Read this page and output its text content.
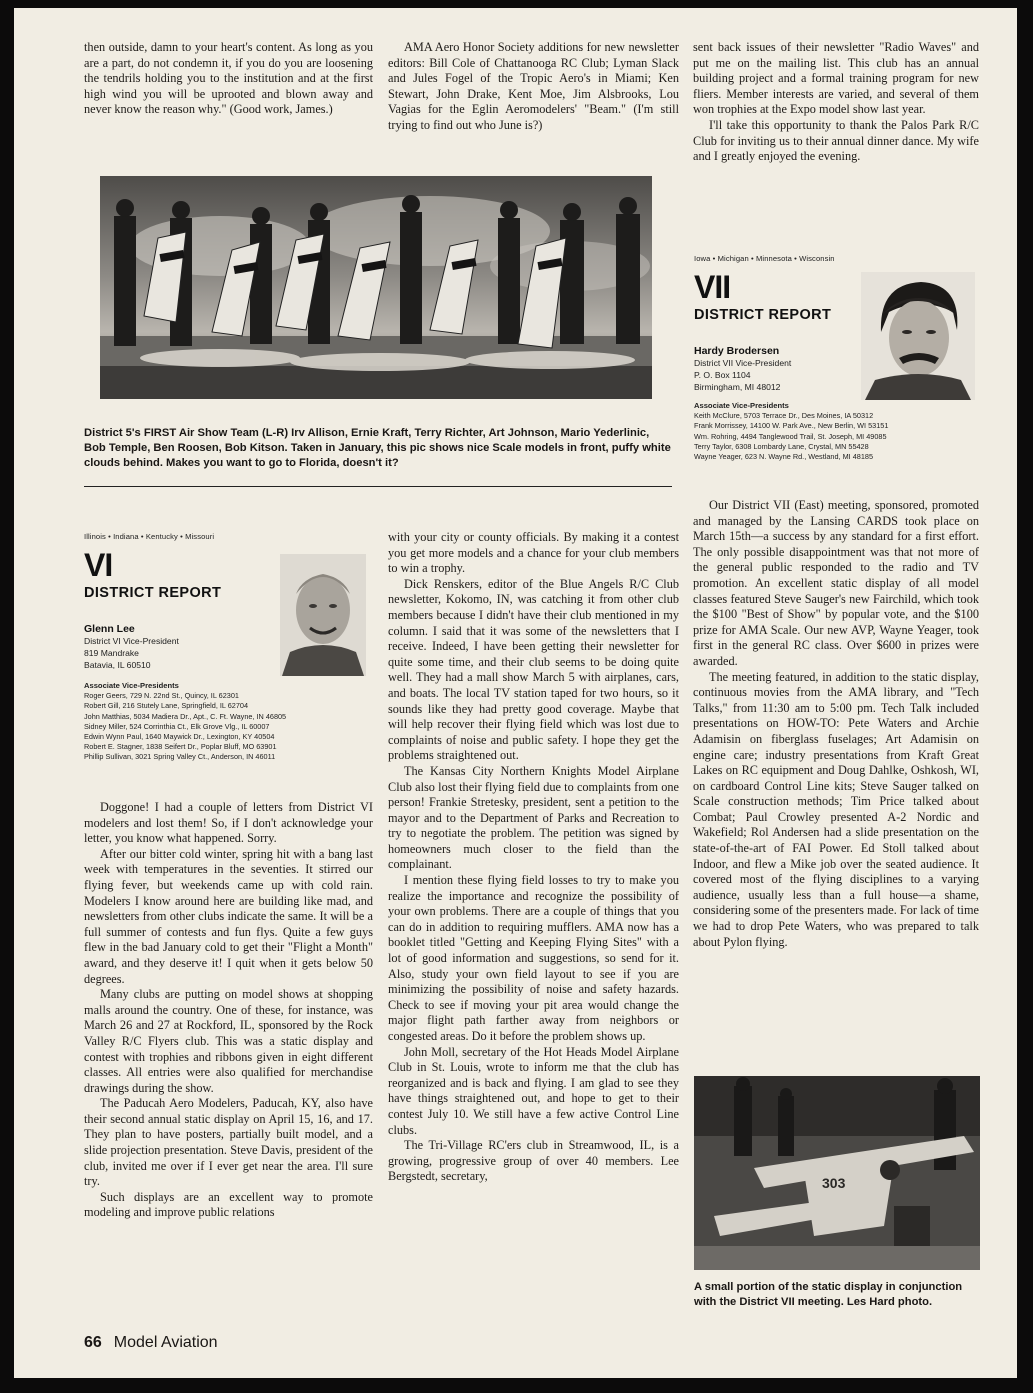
then outside, damn to your heart's content. As long as you are a part, do not condemn it, if you do you are loosening the tendrils holding you to the institution and at the first high wind you will be uprooted and blown away and never know the reason why." (Good work, James.)

AMA Aero Honor Society additions for new newsletter editors: Bill Cole of Chattanooga RC Club; Lyman Slack and Jules Fogel of the Tropic Aero's in Miami; Ken Stewart, John Drake, Kent Moe, Jim Alsbrooks, Lou Vagias for the Eglin Aeromodelers' "Beam." (I'm still trying to find out who June is?)

sent back issues of their newsletter "Radio Waves" and put me on the mailing list. This club has an annual building project and a formal training program for new fliers. Member interests are varied, and several of them won trophies at the Expo model show last year.

I'll take this opportunity to thank the Palos Park R/C Club for inviting us to their annual dinner dance. My wife and I greatly enjoyed the evening.

District 5's FIRST Air Show Team (L-R) Irv Allison, Ernie Kraft, Terry Richter, Art Johnson, Mario Yederlinic, Bob Temple, Ben Roosen, Bob Kitson. Taken in January, this pic shows nice Scale models in front, puffy white clouds behind. Makes you want to go to Florida, doesn't it?

Illinois • Indiana • Kentucky • Missouri
VI
DISTRICT REPORT
Glenn Lee
District VI Vice-President
819 Mandrake
Batavia, IL 60510
Associate Vice-Presidents
Roger Geers, 729 N. 22nd St., Quincy, IL 62301
Robert Gill, 216 Stutely Lane, Springfield, IL 62704
John Matthias, 5034 Madiera Dr., Apt., C. Ft. Wayne, IN 46805
Sidney Miller, 524 Corrinthia Ct., Elk Grove Vlg., IL 60007
Edwin Wynn Paul, 1640 Maywick Dr., Lexington, KY 40504
Robert E. Stagner, 1838 Seifert Dr., Poplar Bluff, MO 63901
Phillip Sullivan, 3021 Spring Valley Ct., Anderson, IN 46011

Doggone! I had a couple of letters from District VI modelers and lost them! So, if I don't acknowledge your letter, you know what happened. Sorry.

After our bitter cold winter, spring hit with a bang last week with temperatures in the seventies. It stirred our flying fever, but weekends came up with cold rain. Modelers I know around here are building like mad, and newsletters from other clubs indicate the same. It will be a full summer of contests and fun flys. Quite a few guys flew in the bad January cold to get their "Flight a Month" award, and they deserve it! I quit when it gets below 50 degrees.

Many clubs are putting on model shows at shopping malls around the country. One of these, for instance, was March 26 and 27 at Rockford, IL, sponsored by the Rock Valley R/C Flyers club. This was a static display and contest with trophies and ribbons given in eight different classes. All entries were also qualified for merchandise drawings during the show.

The Paducah Aero Modelers, Paducah, KY, also have their second annual static display on April 15, 16, and 17. They plan to have posters, partially built model, and a slide projection presentation. Steve Davis, president of the club, invited me over if I ever get near the area. I'll sure try.

Such displays are an excellent way to promote modeling and improve public relations

with your city or county officials. By making it a contest you get more models and a chance for your club members to win a trophy.

Dick Renskers, editor of the Blue Angels R/C Club newsletter, Kokomo, IN, was catching it from other club members because I didn't have their club mentioned in my column. I said that it was some of the newsletters that I receive. Indeed, I have been getting their newsletter for quite some time, and their club seems to be doing quite well. They had a mall show March 5 with airplanes, cars, and boats. The local TV station taped for two hours, so it sounds like they had pretty good coverage. Maybe that will help recover their flying field which was lost due to complaints of noise and public safety. I hope they get the problems straightened out.

The Kansas City Northern Knights Model Airplane Club also lost their flying field due to complaints from one person! Frankie Stretesky, president, sent a petition to the mayor and to the Department of Parks and Recreation to try to negotiate the problem. The petition was signed by homeowners much closer to the field than the complainant.

I mention these flying field losses to try to make you realize the importance and recognize the possibility of your own problems. There are a couple of things that you can do in addition to requiring mufflers. AMA now has a booklet titled "Getting and Keeping Flying Sites" with a lot of good information and suggestions, so send for it. Also, study your own field layout to see if you are minimizing the possibility of noise and safety hazards. Check to see if moving your pit area would change the major flight path farther away from neighbors or congested areas. Do it before the problem shows up.

John Moll, secretary of the Hot Heads Model Airplane Club in St. Louis, wrote to inform me that the club has reorganized and is back and flying. I am glad to see they have things straightened out, and hope to get to their contest July 10. We still have a few active Control Line clubs.

The Tri-Village RC'ers club in Streamwood, IL, is a growing, progressive group of over 40 members. Lee Bergstedt, secretary,

Iowa • Michigan • Minnesota • Wisconsin
VII
DISTRICT REPORT
Hardy Brodersen
District VII Vice-President
P. O. Box 1104
Birmingham, MI 48012
Associate Vice-Presidents
Keith McClure, 5703 Terrace Dr., Des Moines, IA 50312
Frank Morrissey, 14100 W. Park Ave., New Berlin, WI 53151
Wm. Rohring, 4494 Tanglewood Trail, St. Joseph, MI 49085
Terry Taylor, 6308 Lombardy Lane, Crystal, MN 55428
Wayne Yeager, 623 N. Wayne Rd., Westland, MI 48185

Our District VII (East) meeting, sponsored, promoted and managed by the Lansing CARDS took place on March 15th—a success by any standard for a first effort. The only possible disappointment was that not more of the general public responded to the radio and TV promotion. An excellent static display of all model classes featured Steve Sauger's new Fairchild, which took the $100 "Best of Show" by popular vote, and the $100 prize for AMA Scale. Our new AVP, Wayne Yeager, took first in the general RC class. Over $600 in prizes were awarded.

The meeting featured, in addition to the static display, continuous movies from the AMA library, and "Tech Talks," from 11:30 am to 5:00 pm. Tech Talk included presentations on HOW-TO: Pete Waters and Archie Adamisin on fiberglass fuselages; Art Adamisin on engine care; industry presentations from Kraft Great Lakes on RC equipment and Doug Dahlke, Oshkosh, WI, on cardboard Control Line kits; Steve Sauger talked on Scale construction methods; Tim Price talked about Combat; Paul Crowley presented A-2 Nordic and Wakefield; Rol Andersen had a slide presentation on the state-of-the-art of FAI Power. Ed Stoll talked about Indoor, and flew a Mike job over the seated audience. It covered most of the flying disciplines to a varying audience, usually less than a full house—a shame, considering some of the presenters made. For lack of time we had to drop Pete Waters, who was prepared to talk about Pylon flying.

303

A small portion of the static display in conjunction with the District VII meeting. Les Hard photo.

66 Model Aviation
